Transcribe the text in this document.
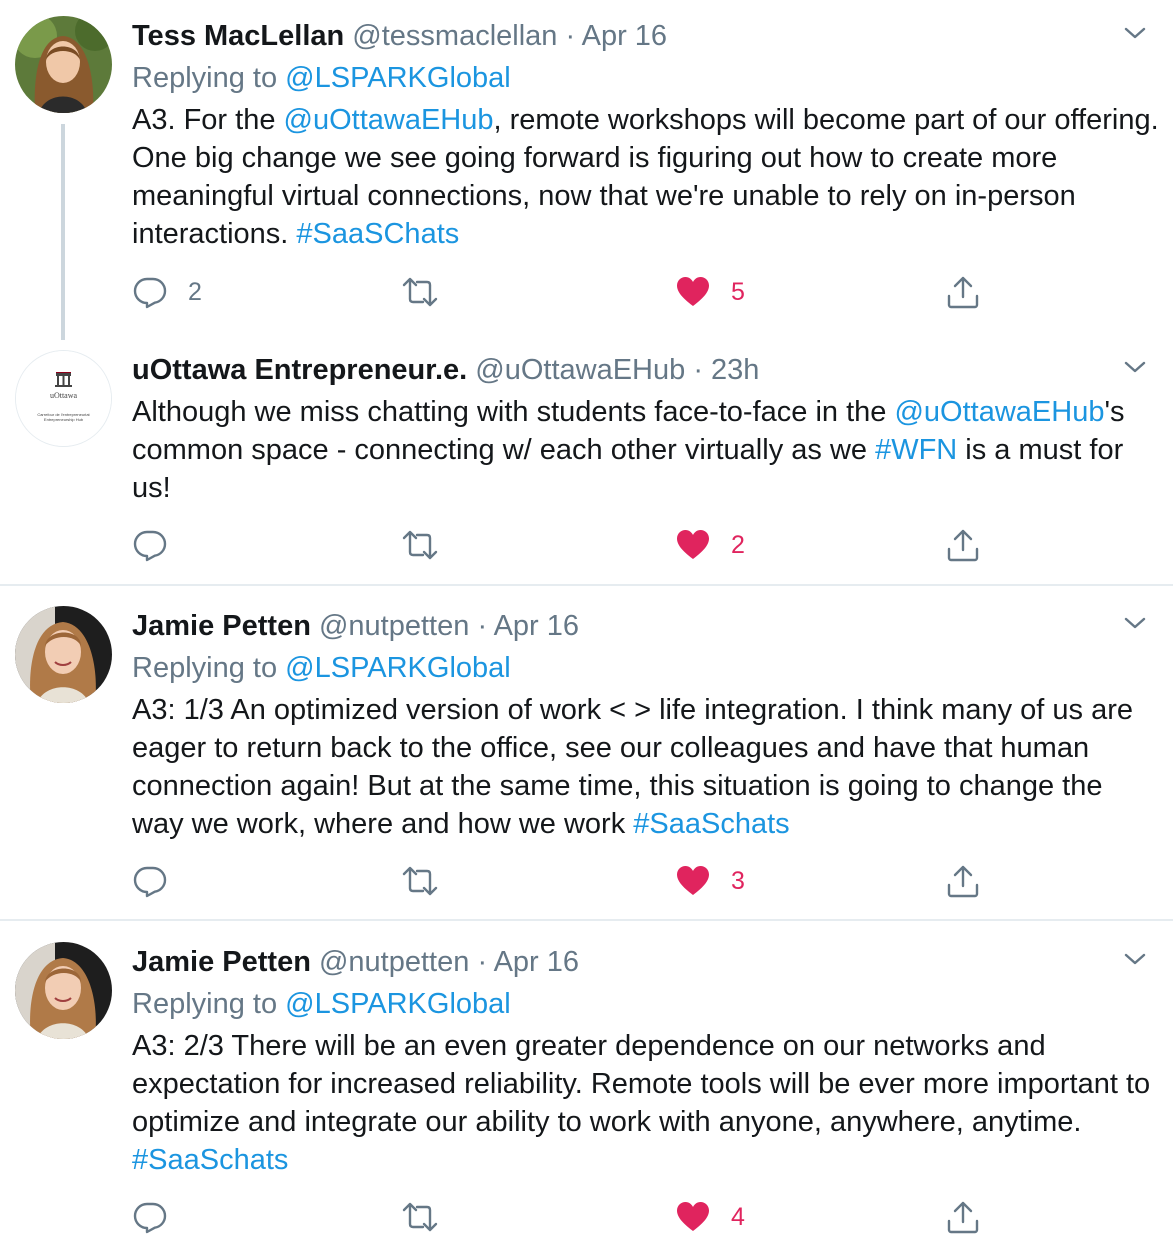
Tess MacLellan @tessmaclellan · Apr 16
Replying to @LSPARKGlobal
A3. For the @uOttawaEHub, remote workshops will become part of our offering. One big change we see going forward is figuring out how to create more meaningful virtual connections, now that we're unable to rely on in-person interactions. #SaaSChats
2	5
uOttawa
Carrefour de l'entrepreneuriat
Entrepreneurship Hub
uOttawa Entrepreneur.e. @uOttawaEHub · 23h
Although we miss chatting with students face-to-face in the @uOttawaEHub's common space - connecting w/ each other virtually as we #WFN is a must for us!
2
Jamie Petten @nutpetten · Apr 16
Replying to @LSPARKGlobal
A3: 1/3 An optimized version of work < > life integration. I think many of us are eager to return back to the office, see our colleagues and have that human connection again! But at the same time, this situation is going to change the way we work, where and how we work #SaaSchats
3
Jamie Petten @nutpetten · Apr 16
Replying to @LSPARKGlobal
A3: 2/3 There will be an even greater dependence on our networks and expectation for increased reliability. Remote tools will be ever more important to optimize and integrate our ability to work with anyone, anywhere, anytime. #SaaSchats
4
